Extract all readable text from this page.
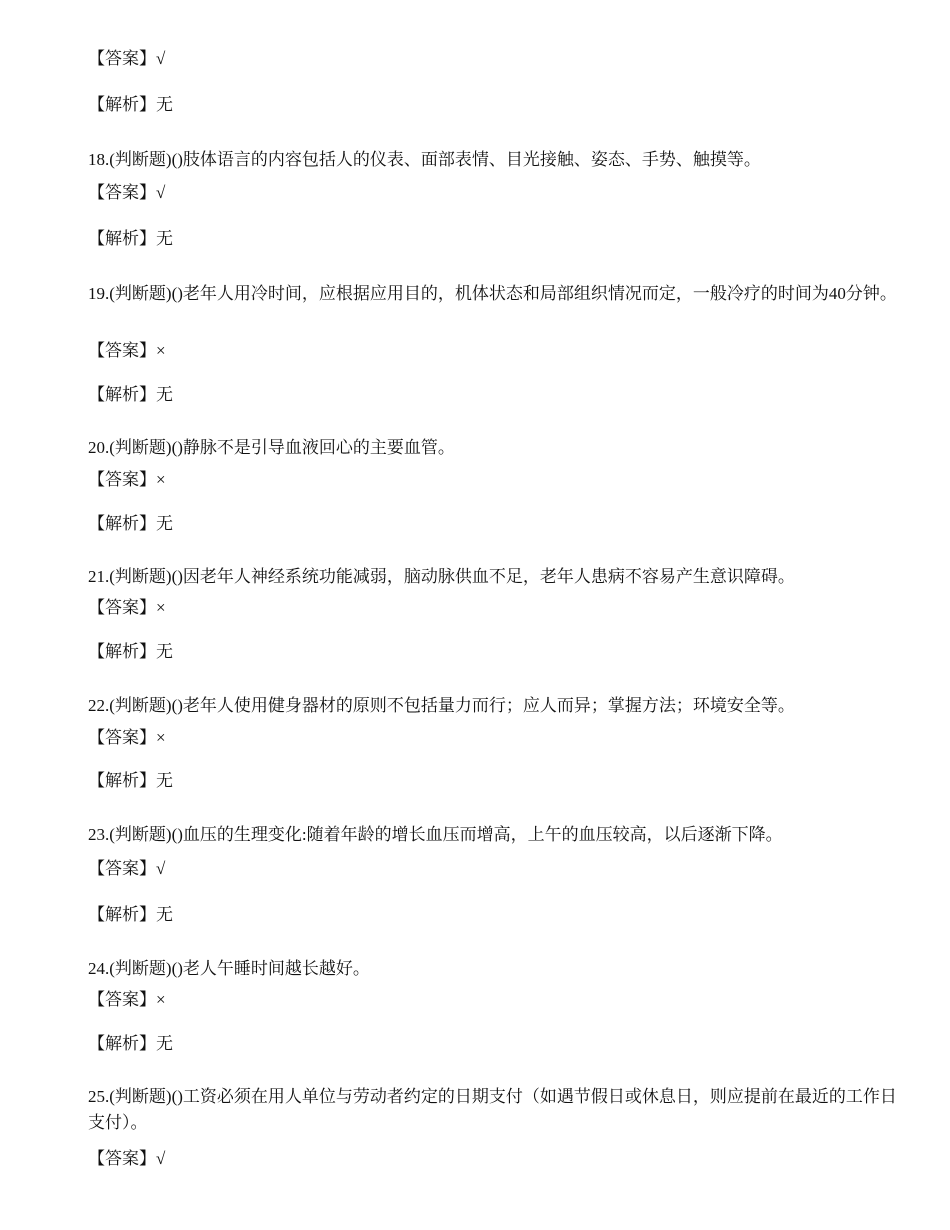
【答案】√
【解析】无
18.(判断题)()肢体语言的内容包括人的仪表、面部表情、目光接触、姿态、手势、触摸等。
【答案】√
【解析】无
19.(判断题)()老年人用冷时间，应根据应用目的，机体状态和局部组织情况而定，一般冷疗的时间为40分钟。
【答案】×
【解析】无
20.(判断题)()静脉不是引导血液回心的主要血管。
【答案】×
【解析】无
21.(判断题)()因老年人神经系统功能减弱，脑动脉供血不足，老年人患病不容易产生意识障碍。
【答案】×
【解析】无
22.(判断题)()老年人使用健身器材的原则不包括量力而行；应人而异；掌握方法；环境安全等。
【答案】×
【解析】无
23.(判断题)()血压的生理变化:随着年龄的增长血压而增高，上午的血压较高，以后逐渐下降。
【答案】√
【解析】无
24.(判断题)()老人午睡时间越长越好。
【答案】×
【解析】无
25.(判断题)()工资必须在用人单位与劳动者约定的日期支付（如遇节假日或休息日，则应提前在最近的工作日支付）。
【答案】√
